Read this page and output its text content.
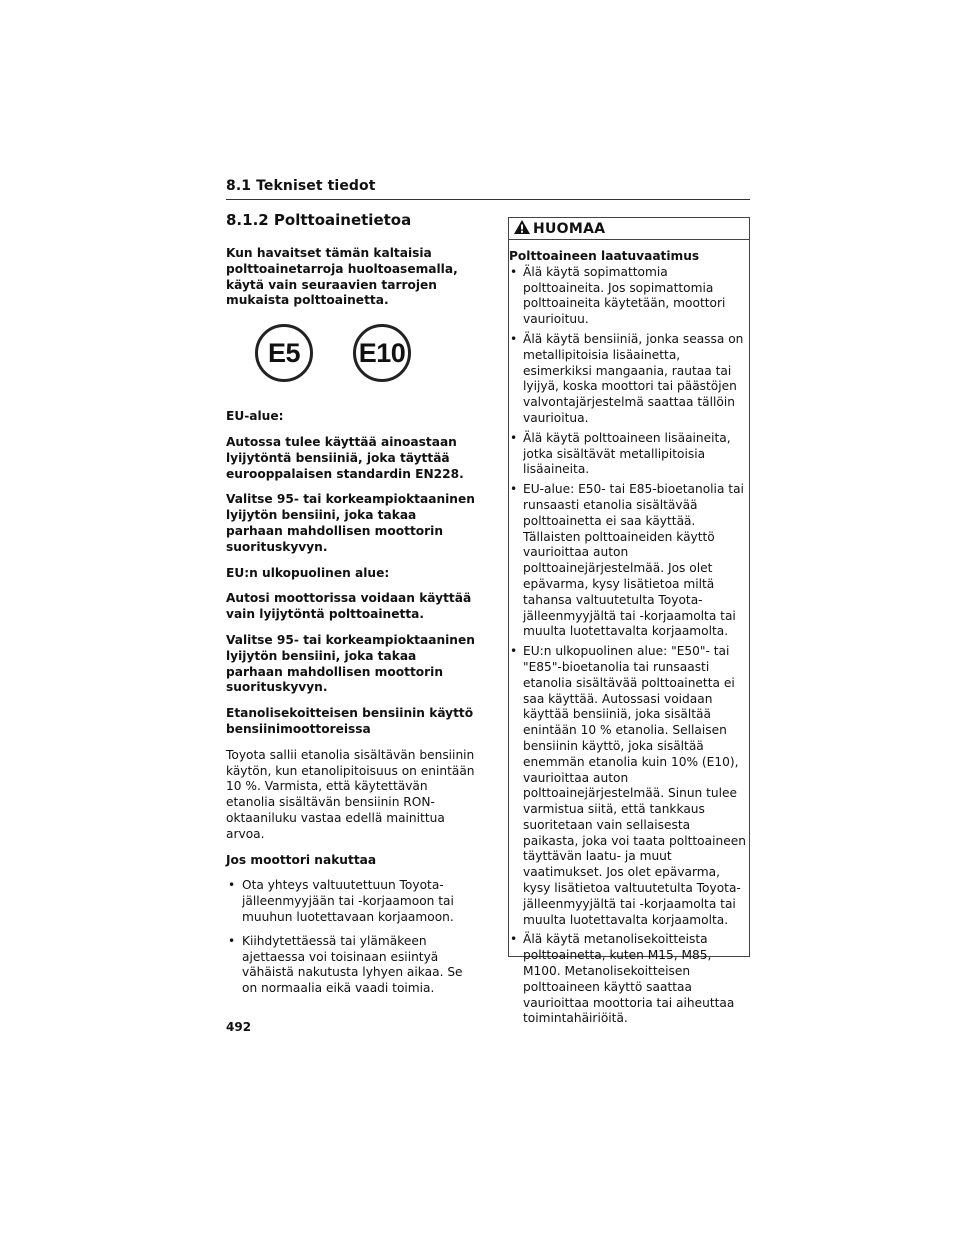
8.1 Tekniset tiedot
8.1.2 Polttoainetietoa

Kun havaitset tämän kaltaisia polttoainetarroja huoltoasemalla, käytä vain seuraavien tarrojen mukaista polttoainetta.

E5	E10

EU-alue:

Autossa tulee käyttää ainoastaan lyijytöntä bensiiniä, joka täyttää eurooppalaisen standardin EN228.

Valitse 95- tai korkeampioktaaninen lyijytön bensiini, joka takaa parhaan mahdollisen moottorin suorituskyvyn.

EU:n ulkopuolinen alue:

Autosi moottorissa voidaan käyttää vain lyijytöntä polttoainetta.

Valitse 95- tai korkeampioktaaninen lyijytön bensiini, joka takaa parhaan mahdollisen moottorin suorituskyvyn.

Etanolisekoitteisen bensiinin käyttö bensiinimoottoreissa

Toyota sallii etanolia sisältävän bensiinin käytön, kun etanolipitoisuus on enintään 10 %. Varmista, että käytettävän etanolia sisältävän bensiinin RON-oktaaniluku vastaa edellä mainittua arvoa.

Jos moottori nakuttaa

• Ota yhteys valtuutettuun Toyota-jälleenmyyjään tai -korjaamoon tai muuhun luotettavaan korjaamoon.
• Kiihdytettäessä tai ylämäkeen ajettaessa voi toisinaan esiintyä vähäistä nakutusta lyhyen aikaa. Se on normaalia eikä vaadi toimia.
HUOMAA

Polttoaineen laatuvaatimus

• Älä käytä sopimattomia polttoaineita. Jos sopimattomia polttoaineita käytetään, moottori vaurioituu.
• Älä käytä bensiiniä, jonka seassa on metallipitoisia lisäainetta, esimerkiksi mangaania, rautaa tai lyijyä, koska moottori tai päästöjen valvontajärjestelmä saattaa tällöin vaurioitua.
• Älä käytä polttoaineen lisäaineita, jotka sisältävät metallipitoisia lisäaineita.
• EU-alue: E50- tai E85-bioetanolia tai runsaasti etanolia sisältävää polttoainetta ei saa käyttää. Tällaisten polttoaineiden käyttö vaurioittaa auton polttoainejärjestelmää. Jos olet epävarma, kysy lisätietoa miltä tahansa valtuutetulta Toyota-jälleenmyyjältä tai -korjaamolta tai muulta luotettavalta korjaamolta.
• EU:n ulkopuolinen alue: "E50"- tai "E85"-bioetanolia tai runsaasti etanolia sisältävää polttoainetta ei saa käyttää. Autossasi voidaan käyttää bensiiniä, joka sisältää enintään 10 % etanolia. Sellaisen bensiinin käyttö, joka sisältää enemmän etanolia kuin 10% (E10), vaurioittaa auton polttoainejärjestelmää. Sinun tulee varmistua siitä, että tankkaus suoritetaan vain sellaisesta paikasta, joka voi taata polttoaineen täyttävän laatu- ja muut vaatimukset. Jos olet epävarma, kysy lisätietoa valtuutetulta Toyota-jälleenmyyjältä tai -korjaamolta tai muulta luotettavalta korjaamolta.
• Älä käytä metanolisekoitteista polttoainetta, kuten M15, M85, M100. Metanolisekoitteisen polttoaineen käyttö saattaa vaurioittaa moottoria tai aiheuttaa toimintahäiriöitä.
492
